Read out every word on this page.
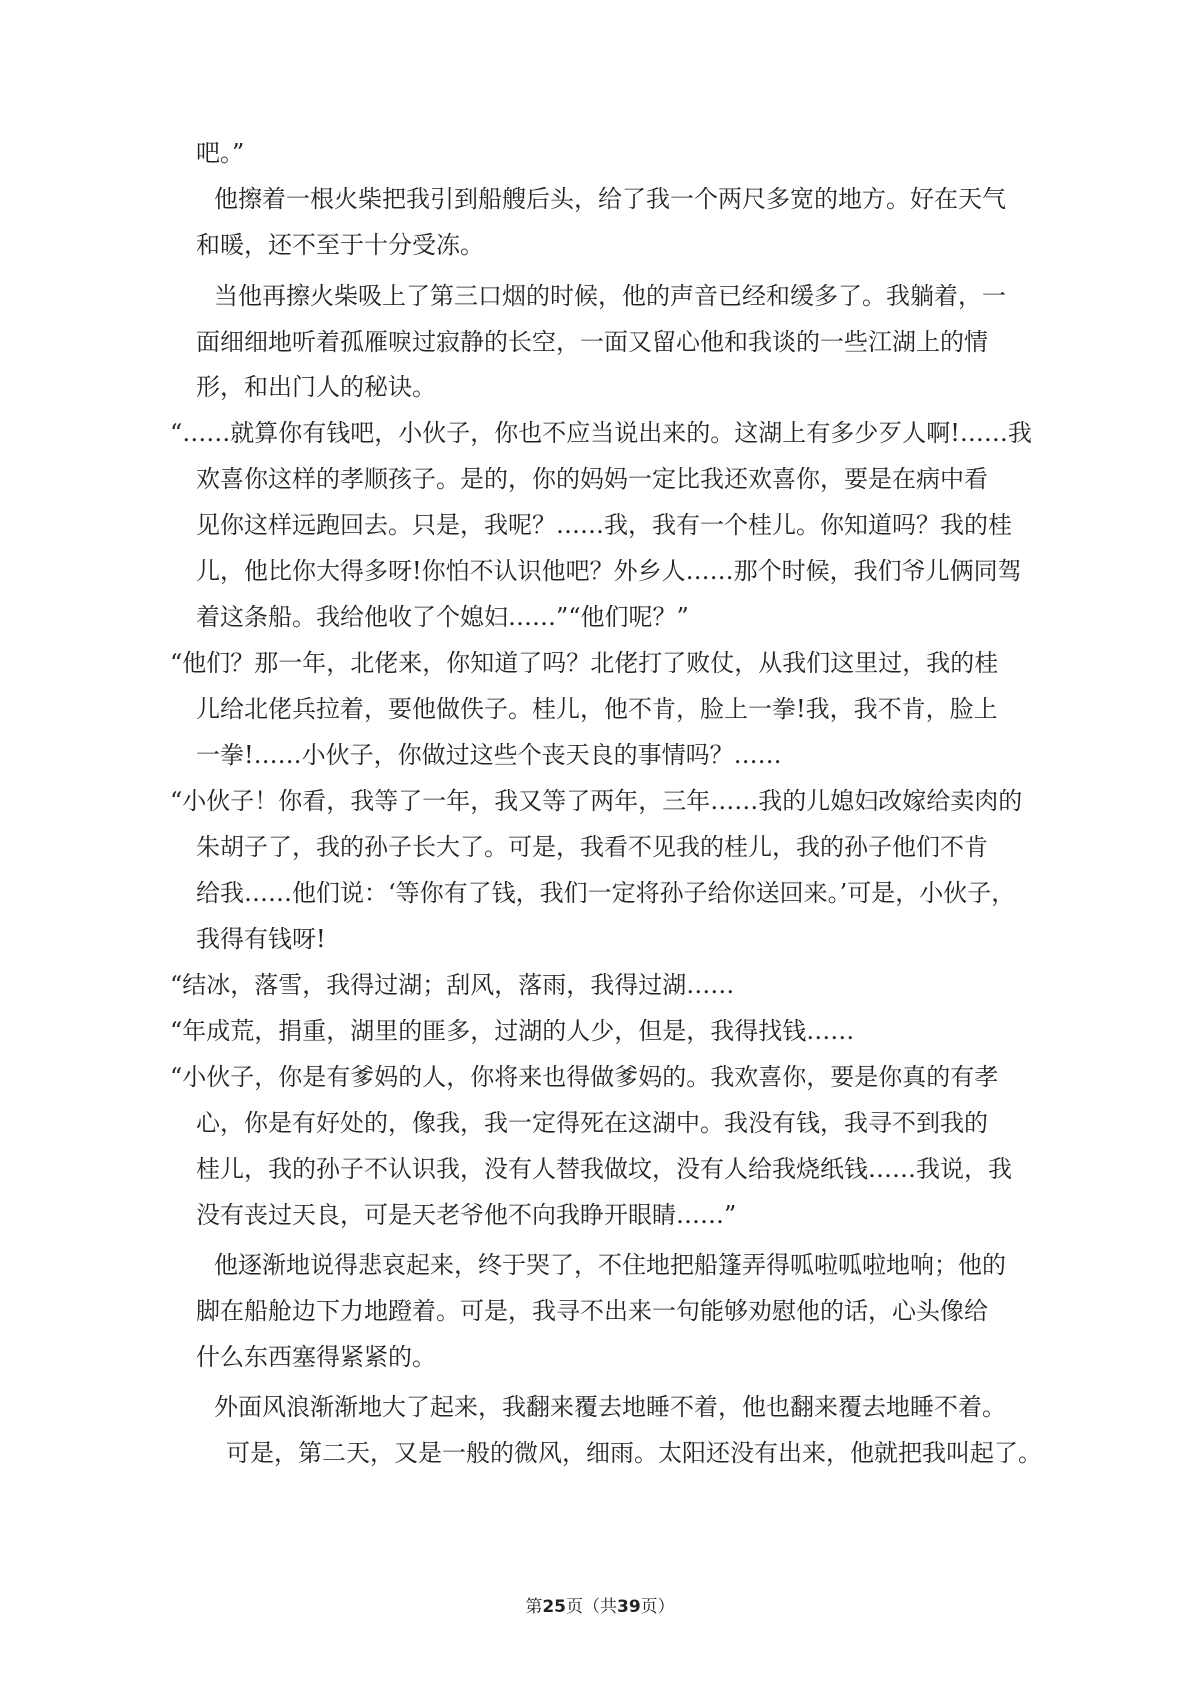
吧。”
他擦着一根火柴把我引到船艘后头，给了我一个两尺多宽的地方。好在天气
和暖，还不至于十分受冻。
当他再擦火柴吸上了第三口烟的时候，他的声音已经和缓多了。我躺着，一
面细细地听着孤雁唳过寂静的长空，一面又留心他和我谈的一些江湖上的情
形，和出门人的秘诀。
“……就算你有钱吧，小伙子，你也不应当说出来的。这湖上有多少歹人啊!……我
欢喜你这样的孝顺孩子。是的，你的妈妈一定比我还欢喜你，要是在病中看
见你这样远跑回去。只是，我呢？……我，我有一个桂儿。你知道吗？我的桂
儿，他比你大得多呀!你怕不认识他吧？外乡人……那个时候，我们爷儿俩同驾
着这条船。我给他收了个媳妇……”“他们呢？”
“他们？那一年，北佬来，你知道了吗？北佬打了败仗，从我们这里过，我的桂
儿给北佬兵拉着，要他做佚子。桂儿，他不肯，脸上一拳!我，我不肯，脸上
一拳!……小伙子，你做过这些个丧天良的事情吗？……
“小伙子！你看，我等了一年，我又等了两年，三年……我的儿媳妇改嫁给卖肉的
朱胡子了，我的孙子长大了。可是，我看不见我的桂儿，我的孙子他们不肯
给我……他们说：‘等你有了钱，我们一定将孙子给你送回来。’可是，小伙子，
我得有钱呀!
“结冰，落雪，我得过湖；刮风，落雨，我得过湖……
“年成荒，捐重，湖里的匪多，过湖的人少，但是，我得找钱……
“小伙子，你是有爹妈的人，你将来也得做爹妈的。我欢喜你，要是你真的有孝
心，你是有好处的，像我，我一定得死在这湖中。我没有钱，我寻不到我的
桂儿，我的孙子不认识我，没有人替我做坟，没有人给我烧纸钱……我说，我
没有丧过天良，可是天老爷他不向我睁开眼睛……”
他逐渐地说得悲哀起来，终于哭了，不住地把船篷弄得呱啦呱啦地响；他的
脚在船舱边下力地蹬着。可是，我寻不出来一句能够劝慰他的话，心头像给
什么东西塞得紧紧的。
外面风浪渐渐地大了起来，我翻来覆去地睡不着，他也翻来覆去地睡不着。
可是，第二天，又是一般的微风，细雨。太阳还没有出来，他就把我叫起了。
第25页（共39页）
